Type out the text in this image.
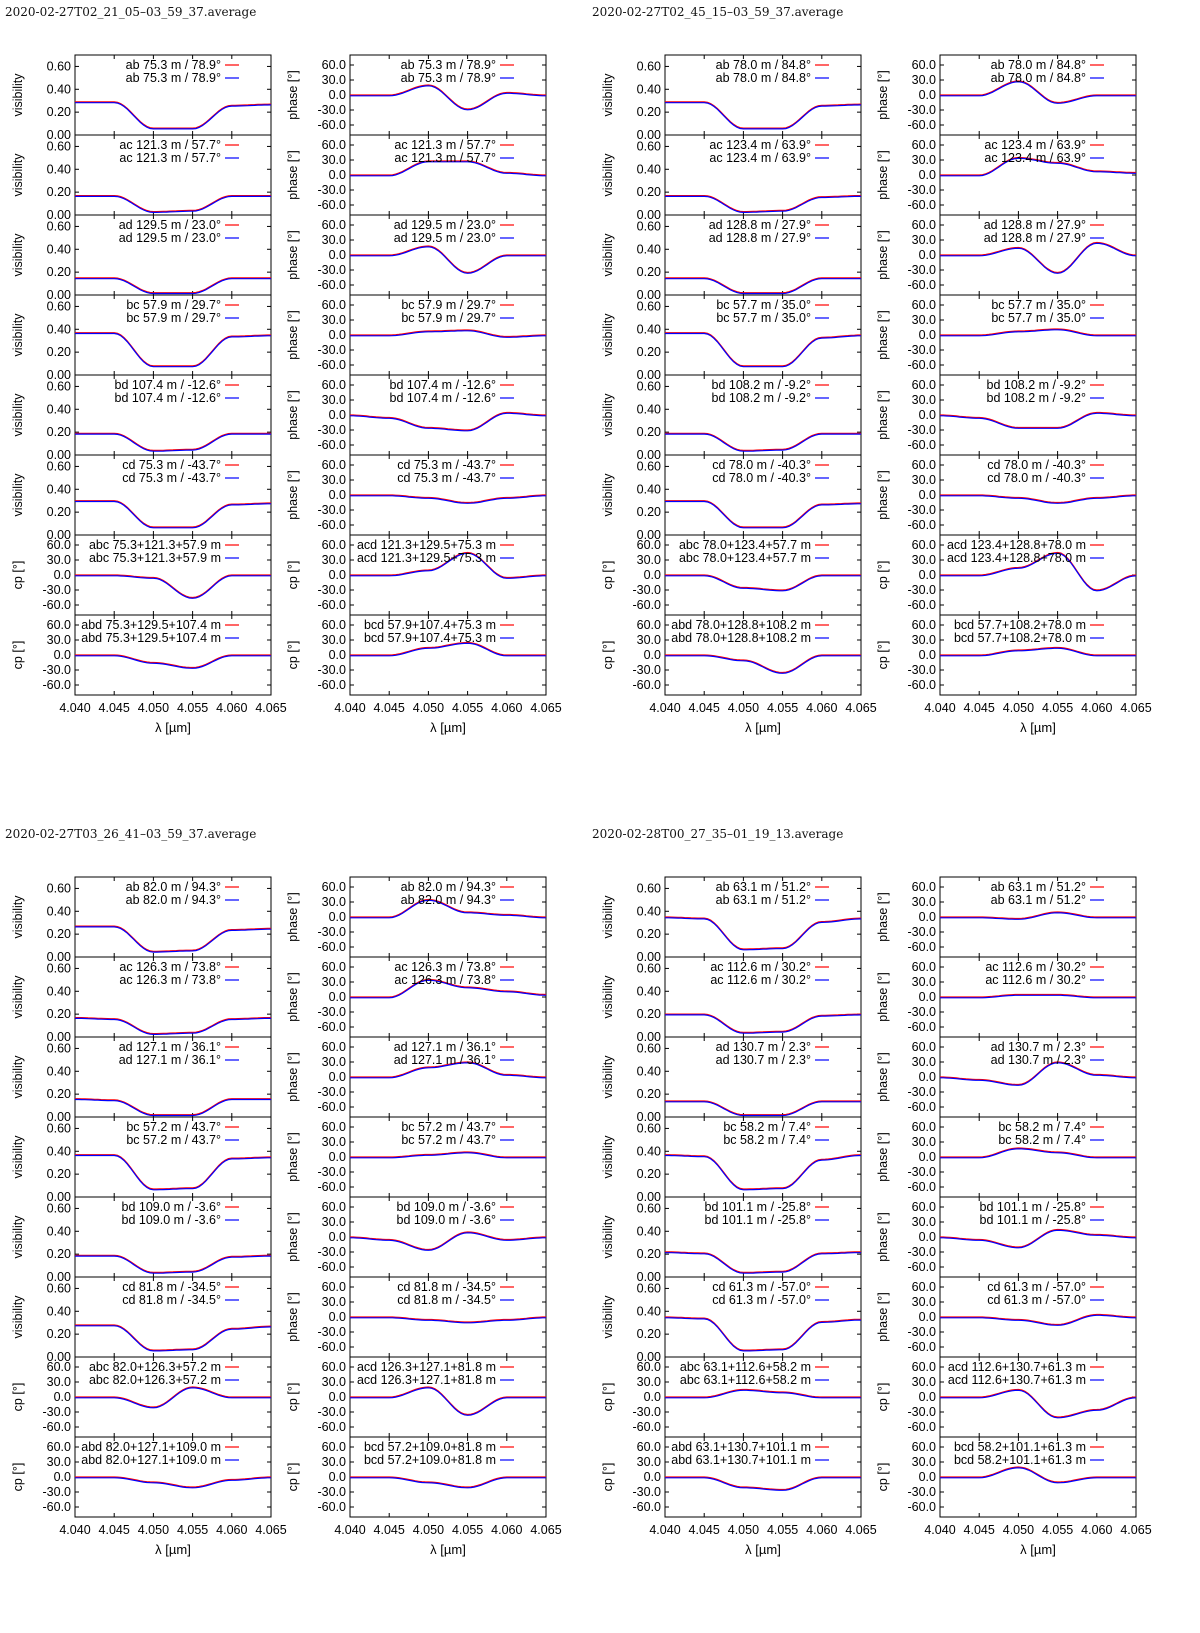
2020-02-27T02_21_05–03_59_37.average
0.60
0.40
0.20
0.00
visibility
ab 75.3 m / 78.9°
ab 75.3 m / 78.9°
60.0
30.0
0.0
-30.0
-60.0
phase [°]
ab 75.3 m / 78.9°
ab 75.3 m / 78.9°
0.60
0.40
0.20
0.00
visibility
ac 121.3 m / 57.7°
ac 121.3 m / 57.7°
60.0
30.0
0.0
-30.0
-60.0
phase [°]
ac 121.3 m / 57.7°
ac 121.3 m / 57.7°
0.60
0.40
0.20
0.00
visibility
ad 129.5 m / 23.0°
ad 129.5 m / 23.0°
60.0
30.0
0.0
-30.0
-60.0
phase [°]
ad 129.5 m / 23.0°
ad 129.5 m / 23.0°
0.60
0.40
0.20
0.00
visibility
bc 57.9 m / 29.7°
bc 57.9 m / 29.7°
60.0
30.0
0.0
-30.0
-60.0
phase [°]
bc 57.9 m / 29.7°
bc 57.9 m / 29.7°
0.60
0.40
0.20
0.00
visibility
bd 107.4 m / -12.6°
bd 107.4 m / -12.6°
60.0
30.0
0.0
-30.0
-60.0
phase [°]
bd 107.4 m / -12.6°
bd 107.4 m / -12.6°
0.60
0.40
0.20
0.00
visibility
cd 75.3 m / -43.7°
cd 75.3 m / -43.7°
60.0
30.0
0.0
-30.0
-60.0
phase [°]
cd 75.3 m / -43.7°
cd 75.3 m / -43.7°
60.0
30.0
0.0
-30.0
-60.0
cp [°]
abc 75.3+121.3+57.9 m
abc 75.3+121.3+57.9 m
60.0
30.0
0.0
-30.0
-60.0
cp [°]
acd 121.3+129.5+75.3 m
acd 121.3+129.5+75.3 m
60.0
30.0
0.0
-30.0
-60.0
4.040 4.045 4.050 4.055 4.060 4.065
cp [°]
abd 75.3+129.5+107.4 m
abd 75.3+129.5+107.4 m
60.0
30.0
0.0
-30.0
-60.0
4.040 4.045 4.050 4.055 4.060 4.065
cp [°]
bcd 57.9+107.4+75.3 m
bcd 57.9+107.4+75.3 m
λ [µm]	λ [µm]
2020-02-27T02_45_15–03_59_37.average
0.60
0.40
0.20
0.00
visibility
ab 78.0 m / 84.8°
ab 78.0 m / 84.8°
60.0
30.0
0.0
-30.0
-60.0
phase [°]
ab 78.0 m / 84.8°
ab 78.0 m / 84.8°
0.60
0.40
0.20
0.00
visibility
ac 123.4 m / 63.9°
ac 123.4 m / 63.9°
60.0
30.0
0.0
-30.0
-60.0
phase [°]
ac 123.4 m / 63.9°
ac 123.4 m / 63.9°
0.60
0.40
0.20
0.00
visibility
ad 128.8 m / 27.9°
ad 128.8 m / 27.9°
60.0
30.0
0.0
-30.0
-60.0
phase [°]
ad 128.8 m / 27.9°
ad 128.8 m / 27.9°
0.60
0.40
0.20
0.00
visibility
bc 57.7 m / 35.0°
bc 57.7 m / 35.0°
60.0
30.0
0.0
-30.0
-60.0
phase [°]
bc 57.7 m / 35.0°
bc 57.7 m / 35.0°
0.60
0.40
0.20
0.00
visibility
bd 108.2 m / -9.2°
bd 108.2 m / -9.2°
60.0
30.0
0.0
-30.0
-60.0
phase [°]
bd 108.2 m / -9.2°
bd 108.2 m / -9.2°
0.60
0.40
0.20
0.00
visibility
cd 78.0 m / -40.3°
cd 78.0 m / -40.3°
60.0
30.0
0.0
-30.0
-60.0
phase [°]
cd 78.0 m / -40.3°
cd 78.0 m / -40.3°
60.0
30.0
0.0
-30.0
-60.0
cp [°]
abc 78.0+123.4+57.7 m
abc 78.0+123.4+57.7 m
60.0
30.0
0.0
-30.0
-60.0
cp [°]
acd 123.4+128.8+78.0 m
acd 123.4+128.8+78.0 m
60.0
30.0
0.0
-30.0
-60.0
4.040 4.045 4.050 4.055 4.060 4.065
cp [°]
abd 78.0+128.8+108.2 m
abd 78.0+128.8+108.2 m
60.0
30.0
0.0
-30.0
-60.0
4.040 4.045 4.050 4.055 4.060 4.065
cp [°]
bcd 57.7+108.2+78.0 m
bcd 57.7+108.2+78.0 m
λ [µm]	λ [µm]
2020-02-27T03_26_41–03_59_37.average
0.60
0.40
0.20
0.00
visibility
ab 82.0 m / 94.3°
ab 82.0 m / 94.3°
60.0
30.0
0.0
-30.0
-60.0
phase [°]
ab 82.0 m / 94.3°
ab 82.0 m / 94.3°
0.60
0.40
0.20
0.00
visibility
ac 126.3 m / 73.8°
ac 126.3 m / 73.8°
60.0
30.0
0.0
-30.0
-60.0
phase [°]
ac 126.3 m / 73.8°
ac 126.3 m / 73.8°
0.60
0.40
0.20
0.00
visibility
ad 127.1 m / 36.1°
ad 127.1 m / 36.1°
60.0
30.0
0.0
-30.0
-60.0
phase [°]
ad 127.1 m / 36.1°
ad 127.1 m / 36.1°
0.60
0.40
0.20
0.00
visibility
bc 57.2 m / 43.7°
bc 57.2 m / 43.7°
60.0
30.0
0.0
-30.0
-60.0
phase [°]
bc 57.2 m / 43.7°
bc 57.2 m / 43.7°
0.60
0.40
0.20
0.00
visibility
bd 109.0 m / -3.6°
bd 109.0 m / -3.6°
60.0
30.0
0.0
-30.0
-60.0
phase [°]
bd 109.0 m / -3.6°
bd 109.0 m / -3.6°
0.60
0.40
0.20
0.00
visibility
cd 81.8 m / -34.5°
cd 81.8 m / -34.5°
60.0
30.0
0.0
-30.0
-60.0
phase [°]
cd 81.8 m / -34.5°
cd 81.8 m / -34.5°
60.0
30.0
0.0
-30.0
-60.0
cp [°]
abc 82.0+126.3+57.2 m
abc 82.0+126.3+57.2 m
60.0
30.0
0.0
-30.0
-60.0
cp [°]
acd 126.3+127.1+81.8 m
acd 126.3+127.1+81.8 m
60.0
30.0
0.0
-30.0
-60.0
4.040 4.045 4.050 4.055 4.060 4.065
cp [°]
abd 82.0+127.1+109.0 m
abd 82.0+127.1+109.0 m
60.0
30.0
0.0
-30.0
-60.0
4.040 4.045 4.050 4.055 4.060 4.065
cp [°]
bcd 57.2+109.0+81.8 m
bcd 57.2+109.0+81.8 m
λ [µm]	λ [µm]
2020-02-28T00_27_35–01_19_13.average
0.60
0.40
0.20
0.00
visibility
ab 63.1 m / 51.2°
ab 63.1 m / 51.2°
60.0
30.0
0.0
-30.0
-60.0
phase [°]
ab 63.1 m / 51.2°
ab 63.1 m / 51.2°
0.60
0.40
0.20
0.00
visibility
ac 112.6 m / 30.2°
ac 112.6 m / 30.2°
60.0
30.0
0.0
-30.0
-60.0
phase [°]
ac 112.6 m / 30.2°
ac 112.6 m / 30.2°
0.60
0.40
0.20
0.00
visibility
ad 130.7 m / 2.3°
ad 130.7 m / 2.3°
60.0
30.0
0.0
-30.0
-60.0
phase [°]
ad 130.7 m / 2.3°
ad 130.7 m / 2.3°
0.60
0.40
0.20
0.00
visibility
bc 58.2 m / 7.4°
bc 58.2 m / 7.4°
60.0
30.0
0.0
-30.0
-60.0
phase [°]
bc 58.2 m / 7.4°
bc 58.2 m / 7.4°
0.60
0.40
0.20
0.00
visibility
bd 101.1 m / -25.8°
bd 101.1 m / -25.8°
60.0
30.0
0.0
-30.0
-60.0
phase [°]
bd 101.1 m / -25.8°
bd 101.1 m / -25.8°
0.60
0.40
0.20
0.00
visibility
cd 61.3 m / -57.0°
cd 61.3 m / -57.0°
60.0
30.0
0.0
-30.0
-60.0
phase [°]
cd 61.3 m / -57.0°
cd 61.3 m / -57.0°
60.0
30.0
0.0
-30.0
-60.0
cp [°]
abc 63.1+112.6+58.2 m
abc 63.1+112.6+58.2 m
60.0
30.0
0.0
-30.0
-60.0
cp [°]
acd 112.6+130.7+61.3 m
acd 112.6+130.7+61.3 m
60.0
30.0
0.0
-30.0
-60.0
4.040 4.045 4.050 4.055 4.060 4.065
cp [°]
abd 63.1+130.7+101.1 m
abd 63.1+130.7+101.1 m
60.0
30.0
0.0
-30.0
-60.0
4.040 4.045 4.050 4.055 4.060 4.065
cp [°]
bcd 58.2+101.1+61.3 m
bcd 58.2+101.1+61.3 m
λ [µm]	λ [µm]
